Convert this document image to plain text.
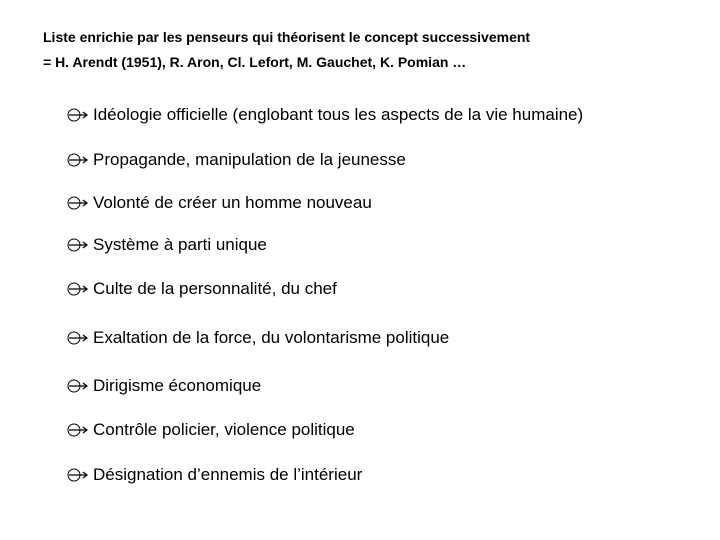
Liste enrichie par les penseurs qui théorisent le concept successivement
= H. Arendt (1951), R. Aron, Cl. Lefort, M. Gauchet, K. Pomian …
Idéologie officielle (englobant tous les aspects de la vie humaine)
Propagande, manipulation de la jeunesse
Volonté de créer un homme nouveau
Système à parti unique
Culte de la personnalité, du chef
Exaltation de la force, du volontarisme politique
Dirigisme économique
Contrôle policier, violence politique
Désignation d’ennemis de l’intérieur
